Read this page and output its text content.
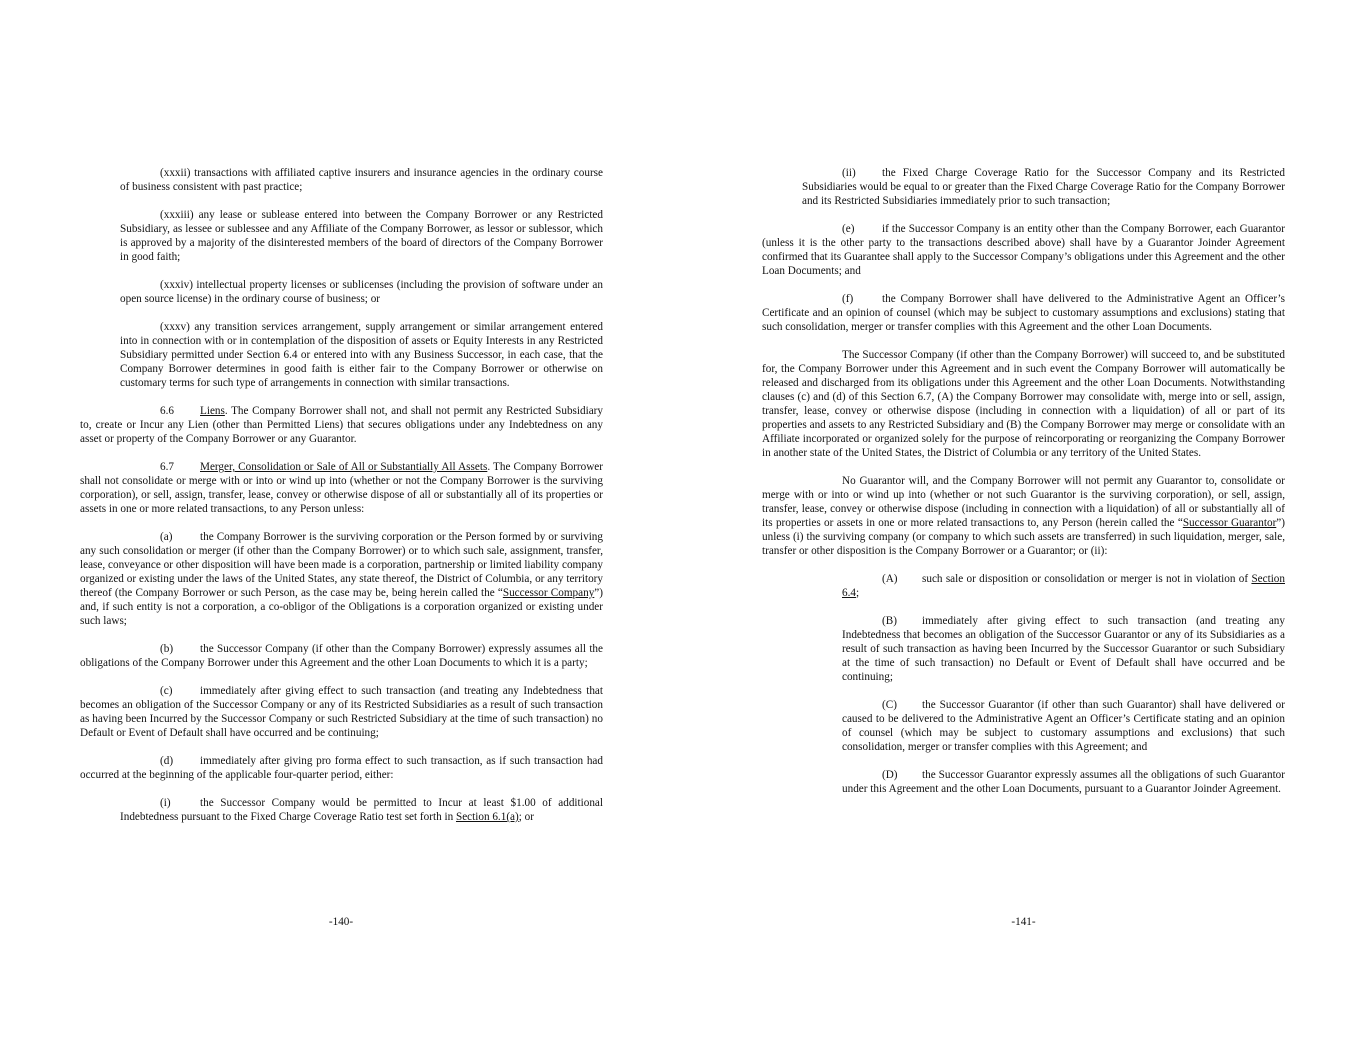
(xxxii) transactions with affiliated captive insurers and insurance agencies in the ordinary course of business consistent with past practice;

(xxxiii) any lease or sublease entered into between the Company Borrower or any Restricted Subsidiary, as lessee or sublessee and any Affiliate of the Company Borrower, as lessor or sublessor, which is approved by a majority of the disinterested members of the board of directors of the Company Borrower in good faith;

(xxxiv) intellectual property licenses or sublicenses (including the provision of software under an open source license) in the ordinary course of business; or

(xxxv) any transition services arrangement, supply arrangement or similar arrangement entered into in connection with or in contemplation of the disposition of assets or Equity Interests in any Restricted Subsidiary permitted under Section 6.4 or entered into with any Business Successor, in each case, that the Company Borrower determines in good faith is either fair to the Company Borrower or otherwise on customary terms for such type of arrangements in connection with similar transactions.

6.6 Liens. The Company Borrower shall not, and shall not permit any Restricted Subsidiary to, create or Incur any Lien (other than Permitted Liens) that secures obligations under any Indebtedness on any asset or property of the Company Borrower or any Guarantor.

6.7 Merger, Consolidation or Sale of All or Substantially All Assets. The Company Borrower shall not consolidate or merge with or into or wind up into (whether or not the Company Borrower is the surviving corporation), or sell, assign, transfer, lease, convey or otherwise dispose of all or substantially all of its properties or assets in one or more related transactions, to any Person unless:

(a) the Company Borrower is the surviving corporation or the Person formed by or surviving any such consolidation or merger (if other than the Company Borrower) or to which such sale, assignment, transfer, lease, conveyance or other disposition will have been made is a corporation, partnership or limited liability company organized or existing under the laws of the United States, any state thereof, the District of Columbia, or any territory thereof (the Company Borrower or such Person, as the case may be, being herein called the “Successor Company”) and, if such entity is not a corporation, a co-obligor of the Obligations is a corporation organized or existing under such laws;

(b) the Successor Company (if other than the Company Borrower) expressly assumes all the obligations of the Company Borrower under this Agreement and the other Loan Documents to which it is a party;

(c) immediately after giving effect to such transaction (and treating any Indebtedness that becomes an obligation of the Successor Company or any of its Restricted Subsidiaries as a result of such transaction as having been Incurred by the Successor Company or such Restricted Subsidiary at the time of such transaction) no Default or Event of Default shall have occurred and be continuing;

(d) immediately after giving pro forma effect to such transaction, as if such transaction had occurred at the beginning of the applicable four-quarter period, either:

(i)	the Successor Company would be permitted to Incur at least $1.00 of additional Indebtedness pursuant to the Fixed Charge Coverage Ratio test set forth in Section 6.1(a); or

-140-

(ii) the Fixed Charge Coverage Ratio for the Successor Company and its Restricted Subsidiaries would be equal to or greater than the Fixed Charge Coverage Ratio for the Company Borrower and its Restricted Subsidiaries immediately prior to such transaction;

(e) if the Successor Company is an entity other than the Company Borrower, each Guarantor (unless it is the other party to the transactions described above) shall have by a Guarantor Joinder Agreement confirmed that its Guarantee shall apply to the Successor Company’s obligations under this Agreement and the other Loan Documents; and

(f)	the Company Borrower shall have delivered to the Administrative Agent an Officer’s Certificate and an opinion of counsel (which may be subject to customary assumptions and exclusions) stating that such consolidation, merger or transfer complies with this Agreement and the other Loan Documents.

The Successor Company (if other than the Company Borrower) will succeed to, and be substituted for, the Company Borrower under this Agreement and in such event the Company Borrower will automatically be released and discharged from its obligations under this Agreement and the other Loan Documents. Notwithstanding clauses (c) and (d) of this Section 6.7, (A) the Company Borrower may consolidate with, merge into or sell, assign, transfer, lease, convey or otherwise dispose (including in connection with a liquidation) of all or part of its properties and assets to any Restricted Subsidiary and (B) the Company Borrower may merge or consolidate with an Affiliate incorporated or organized solely for the purpose of reincorporating or reorganizing the Company Borrower in another state of the United States, the District of Columbia or any territory of the United States.

No Guarantor will, and the Company Borrower will not permit any Guarantor to, consolidate or merge with or into or wind up into (whether or not such Guarantor is the surviving corporation), or sell, assign, transfer, lease, convey or otherwise dispose (including in connection with a liquidation) of all or substantially all of its properties or assets in one or more related transactions to, any Person (herein called the “Successor Guarantor”) unless (i) the surviving company (or company to which such assets are transferred) in such liquidation, merger, sale, transfer or other disposition is the Company Borrower or a Guarantor; or (ii):

(A) such sale or disposition or consolidation or merger is not in violation of Section 6.4;

(B) immediately after giving effect to such transaction (and treating any Indebtedness that becomes an obligation of the Successor Guarantor or any of its Subsidiaries as a result of such transaction as having been Incurred by the Successor Guarantor or such Subsidiary at the time of such transaction) no Default or Event of Default shall have occurred and be continuing;

(C) the Successor Guarantor (if other than such Guarantor) shall have delivered or caused to be delivered to the Administrative Agent an Officer’s Certificate stating and an opinion of counsel (which may be subject to customary assumptions and exclusions) that such consolidation, merger or transfer complies with this Agreement; and

(D) the Successor Guarantor expressly assumes all the obligations of such Guarantor under this Agreement and the other Loan Documents, pursuant to a Guarantor Joinder Agreement.

-141-
